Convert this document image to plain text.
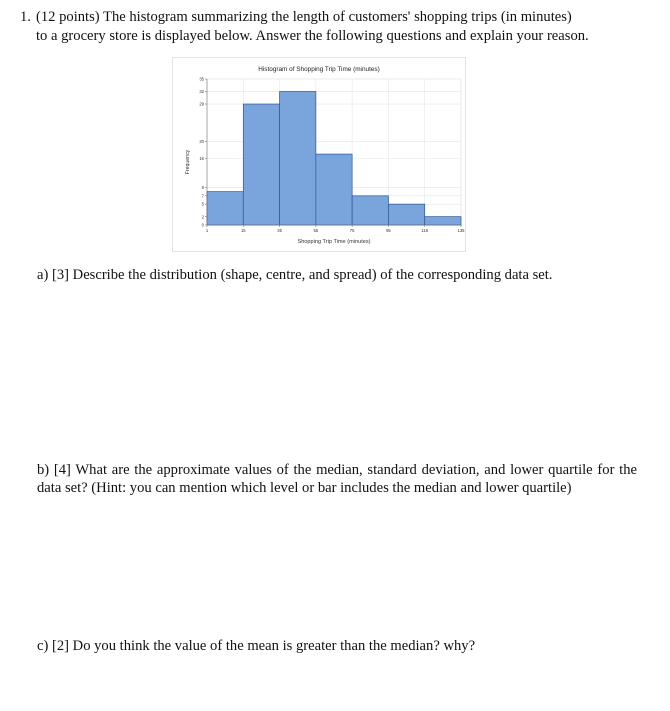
1. (12 points) The histogram summarizing the length of customers' shopping trips (in minutes)
to a grocery store is displayed below. Answer the following questions and explain your reason.
Histogram of Shopping Trip Time (minutes)
Frequency
Shopping Trip Time (minutes)
0
2
5
7
9
16
20
29
32
35
1	15	35	55	75	95	115	135
a) [3] Describe the distribution (shape, centre, and spread) of the corresponding data set.
b) [4] What are the approximate values of the median, standard deviation, and lower quartile for the data set? (Hint: you can mention which level or bar includes the median and lower quartile)
c) [2] Do you think the value of the mean is greater than the median? why?
